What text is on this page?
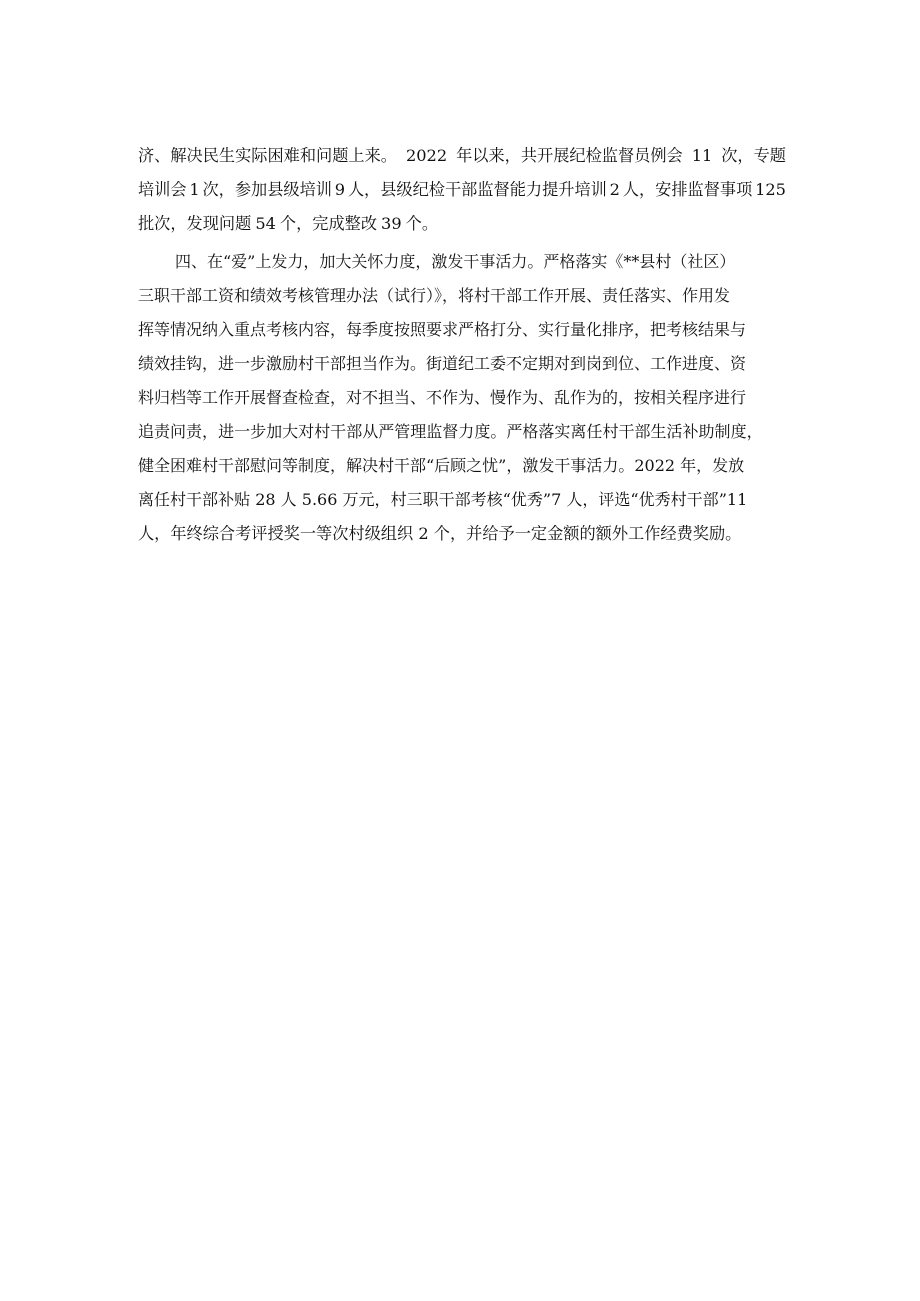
济、解决民生实际困难和问题上来。 2022 年以来，共开展纪检监督员例会 11 次，专题
培训会 1 次，参加县级培训 9 人，县级纪检干部监督能力提升培训 2 人，安排监督事项 125
批次，发现问题 54 个，完成整改 39 个。
四、在“爱”上发力，加大关怀力度，激发干事活力。严格落实《**县村（社区）
三职干部工资和绩效考核管理办法（试行）》，将村干部工作开展、责任落实、作用发
挥等情况纳入重点考核内容，每季度按照要求严格打分、实行量化排序，把考核结果与
绩效挂钩，进一步激励村干部担当作为。街道纪工委不定期对到岗到位、工作进度、资
料归档等工作开展督查检查，对不担当、不作为、慢作为、乱作为的，按相关程序进行
追责问责，进一步加大对村干部从严管理监督力度。严格落实离任村干部生活补助制度，
健全困难村干部慰问等制度，解决村干部“后顾之忧”，激发干事活力。2022 年，发放
离任村干部补贴 28 人 5.66 万元，村三职干部考核“优秀”7 人，评选“优秀村干部”11
人，年终综合考评授奖一等次村级组织 2 个，并给予一定金额的额外工作经费奖励。
